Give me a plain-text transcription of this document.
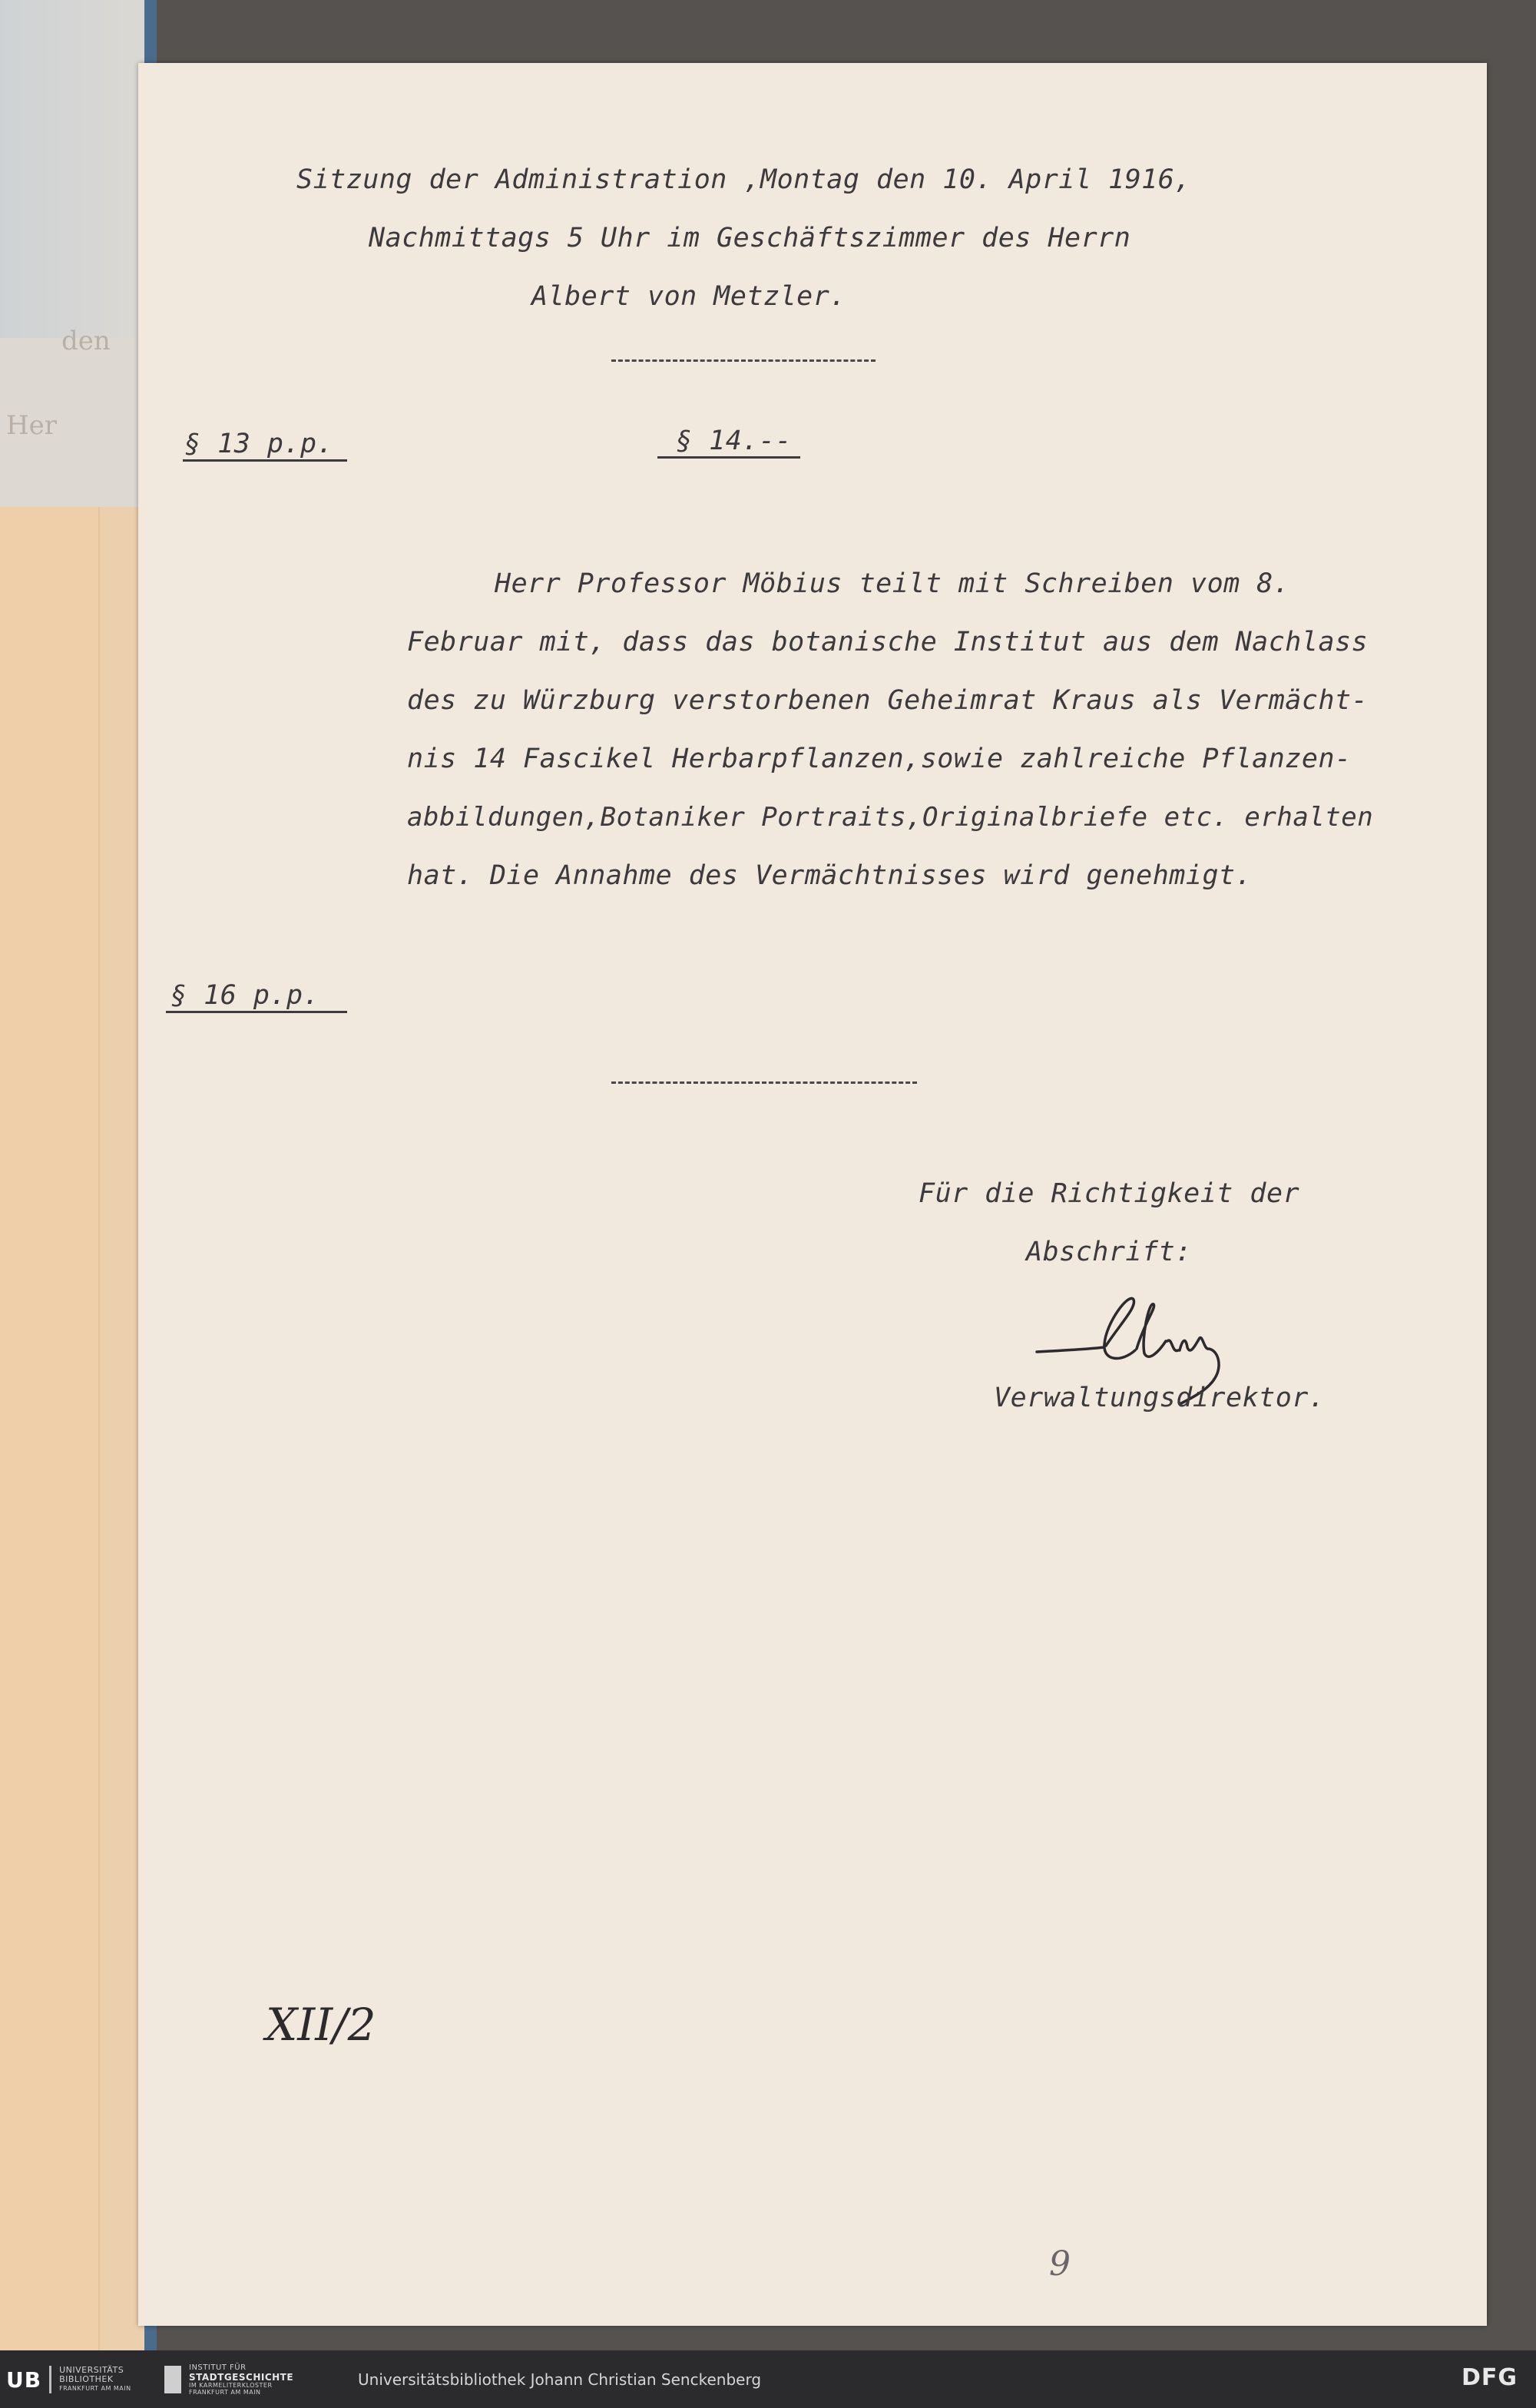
den
Her
Sitzung der Administration ,Montag den 10. April 1916,
Nachmittags 5 Uhr im Geschäftszimmer des Herrn
Albert von Metzler.
§ 13 p.p.	§ 14.--
Herr Professor Möbius teilt mit Schreiben vom 8.
Februar mit, dass das botanische Institut aus dem Nachlass
des zu Würzburg verstorbenen Geheimrat Kraus als Vermächt-
nis 14 Fascikel Herbarpflanzen,sowie zahlreiche Pflanzen-
abbildungen,Botaniker Portraits,Originalbriefe etc. erhalten
hat. Die Annahme des Vermächtnisses wird genehmigt.
§ 16 p.p.
Für die Richtigkeit der
Abschrift:
Verwaltungsdirektor.
XII/2
9
UB UNIVERSITÄTS
BIBLIOTHEK
FRANKFURT AM MAIN
INSTITUT FÜR
STADTGESCHICHTE
IM KARMELITERKLOSTER
FRANKFURT AM MAIN
Universitätsbibliothek Johann Christian Senckenberg	DFG
